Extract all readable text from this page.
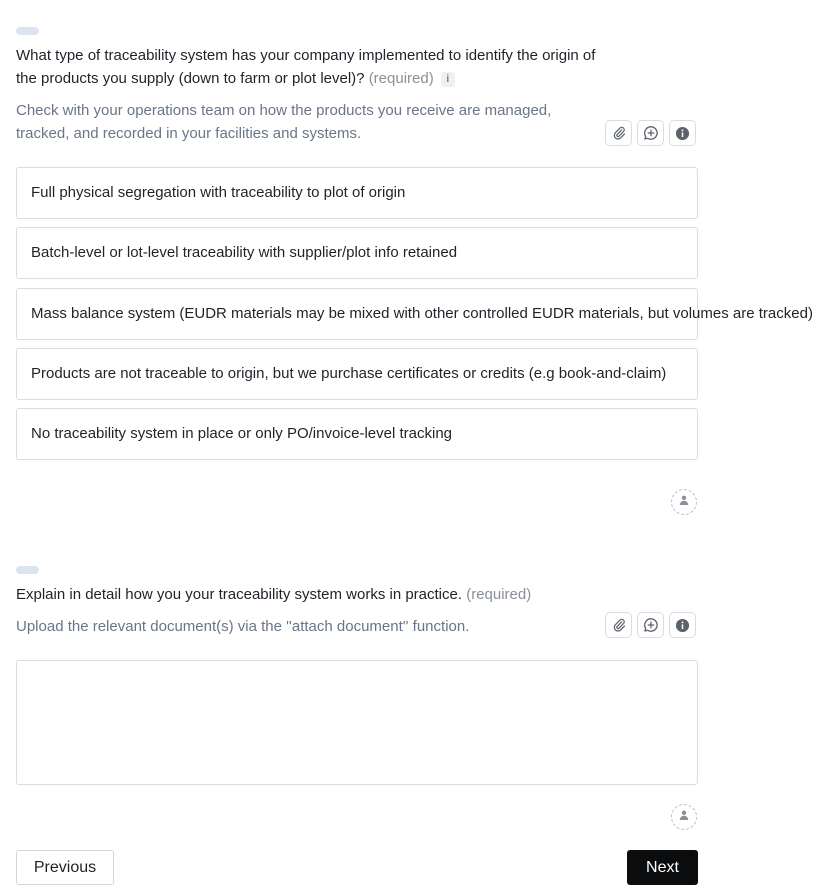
What type of traceability system has your company implemented to identify the origin of the products you supply (down to farm or plot level)? (required) i
Check with your operations team on how the products you receive are managed, tracked, and recorded in your facilities and systems.
Full physical segregation with traceability to plot of origin
Batch-level or lot-level traceability with supplier/plot info retained
Mass balance system (EUDR materials may be mixed with other controlled EUDR materials, but volumes are tracked)
Products are not traceable to origin, but we purchase certificates or credits (e.g book-and-claim)
No traceability system in place or only PO/invoice-level tracking
Explain in detail how you your traceability system works in practice. (required)
Upload the relevant document(s) via the ''attach document'' function.
Previous	Next
